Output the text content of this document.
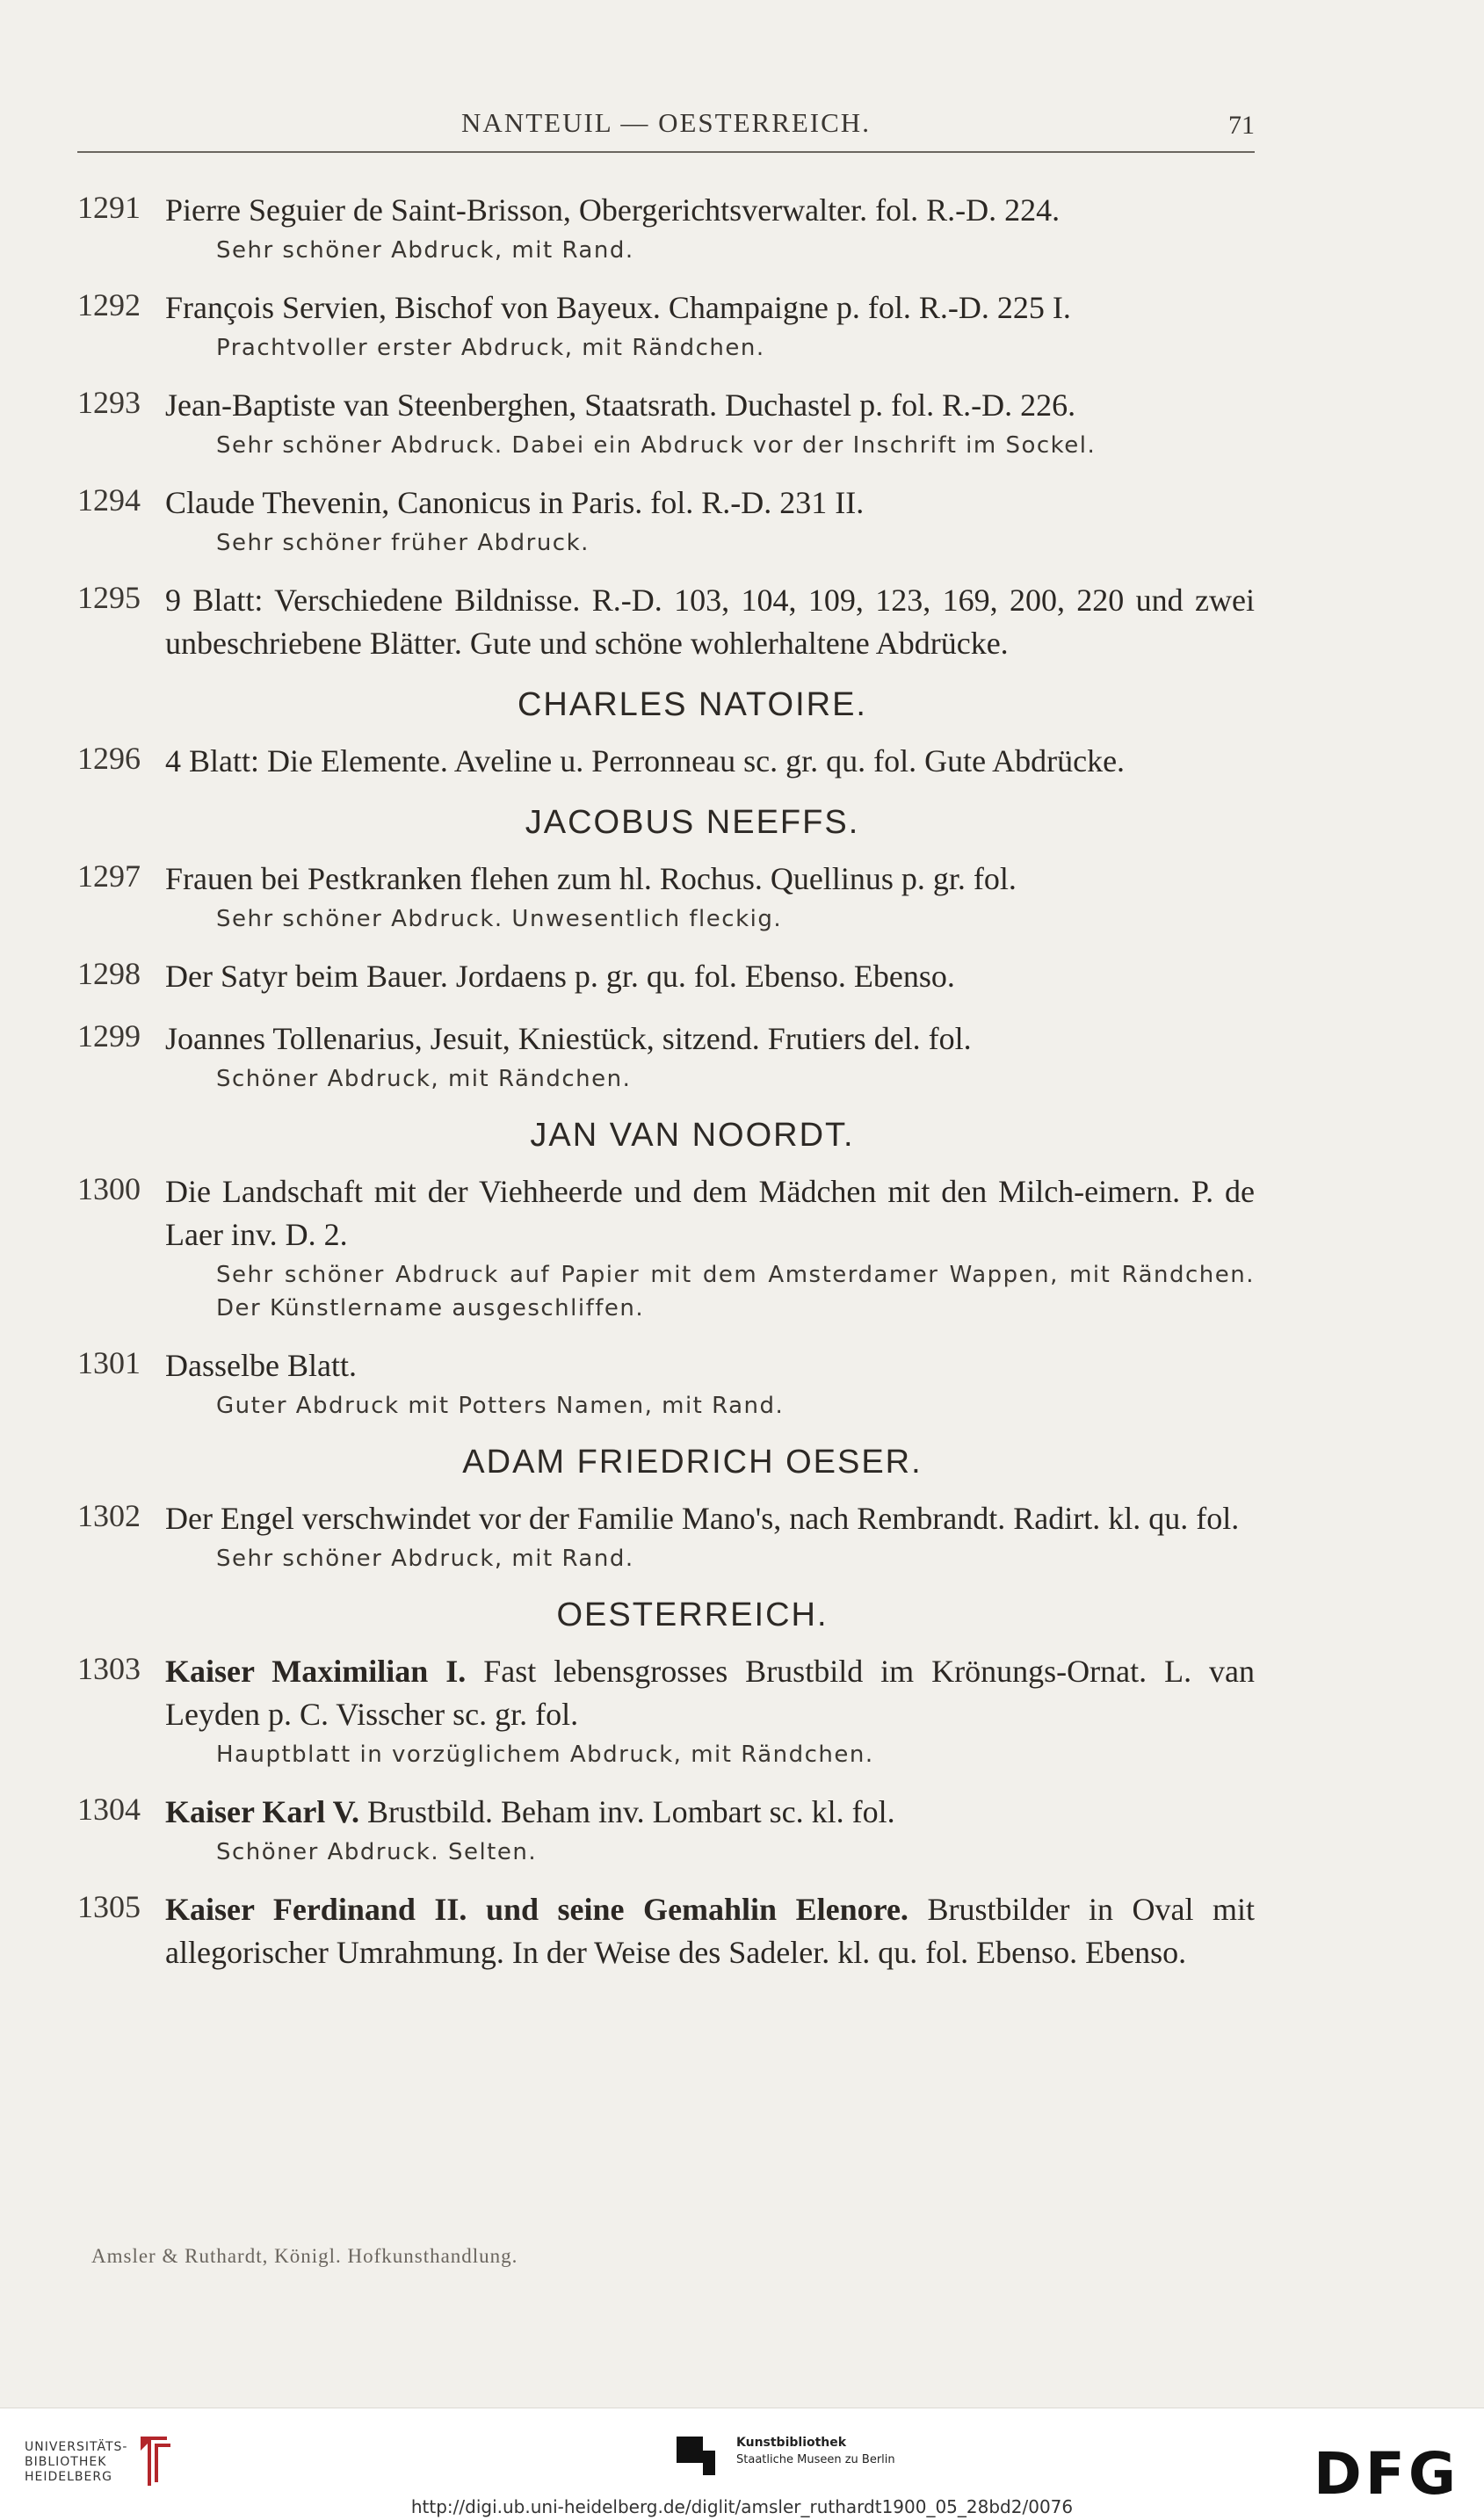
NANTEUIL — OESTERREICH.	71
1291 Pierre Seguier de Saint-Brisson, Obergerichtsverwalter. fol. R.-D. 224.
Sehr schöner Abdruck, mit Rand.
1292 François Servien, Bischof von Bayeux. Champaigne p. fol. R.-D. 225 I.
Prachtvoller erster Abdruck, mit Rändchen.
1293 Jean-Baptiste van Steenberghen, Staatsrath. Duchastel p. fol. R.-D. 226.
Sehr schöner Abdruck. Dabei ein Abdruck vor der Inschrift im Sockel.
1294 Claude Thevenin, Canonicus in Paris. fol. R.-D. 231 II.
Sehr schöner früher Abdruck.
1295 9 Blatt: Verschiedene Bildnisse. R.-D. 103, 104, 109, 123, 169, 200, 220 und zwei unbeschriebene Blätter. Gute und schöne wohlerhaltene Abdrücke.
CHARLES NATOIRE.
1296 4 Blatt: Die Elemente. Aveline u. Perronneau sc. gr. qu. fol. Gute Abdrücke.
JACOBUS NEEFFS.
1297 Frauen bei Pestkranken flehen zum hl. Rochus. Quellinus p. gr. fol.
Sehr schöner Abdruck. Unwesentlich fleckig.
1298 Der Satyr beim Bauer. Jordaens p. gr. qu. fol. Ebenso. Ebenso.
1299 Joannes Tollenarius, Jesuit, Kniestück, sitzend. Frutiers del. fol.
Schöner Abdruck, mit Rändchen.
JAN VAN NOORDT.
1300 Die Landschaft mit der Viehheerde und dem Mädchen mit den Milch-eimern. P. de Laer inv. D. 2.
Sehr schöner Abdruck auf Papier mit dem Amsterdamer Wappen, mit Rändchen. Der Künstlername ausgeschliffen.
1301 Dasselbe Blatt.
Guter Abdruck mit Potters Namen, mit Rand.
ADAM FRIEDRICH OESER.
1302 Der Engel verschwindet vor der Familie Mano's, nach Rembrandt. Radirt. kl. qu. fol.
Sehr schöner Abdruck, mit Rand.
OESTERREICH.
1303 Kaiser Maximilian I. Fast lebensgrosses Brustbild im Krönungs-Ornat. L. van Leyden p. C. Visscher sc. gr. fol.
Hauptblatt in vorzüglichem Abdruck, mit Rändchen.
1304 Kaiser Karl V. Brustbild. Beham inv. Lombart sc. kl. fol.
Schöner Abdruck. Selten.
1305 Kaiser Ferdinand II. und seine Gemahlin Elenore. Brustbilder in Oval mit allegorischer Umrahmung. In der Weise des Sadeler. kl. qu. fol. Ebenso. Ebenso.
Amsler & Ruthardt, Königl. Hofkunsthandlung.
UNIVERSITÄTS-
BIBLIOTHEK
HEIDELBERG
Kunstbibliothek
Staatliche Museen zu Berlin	DFG
http://digi.ub.uni-heidelberg.de/diglit/amsler_ruthardt1900_05_28bd2/0076
